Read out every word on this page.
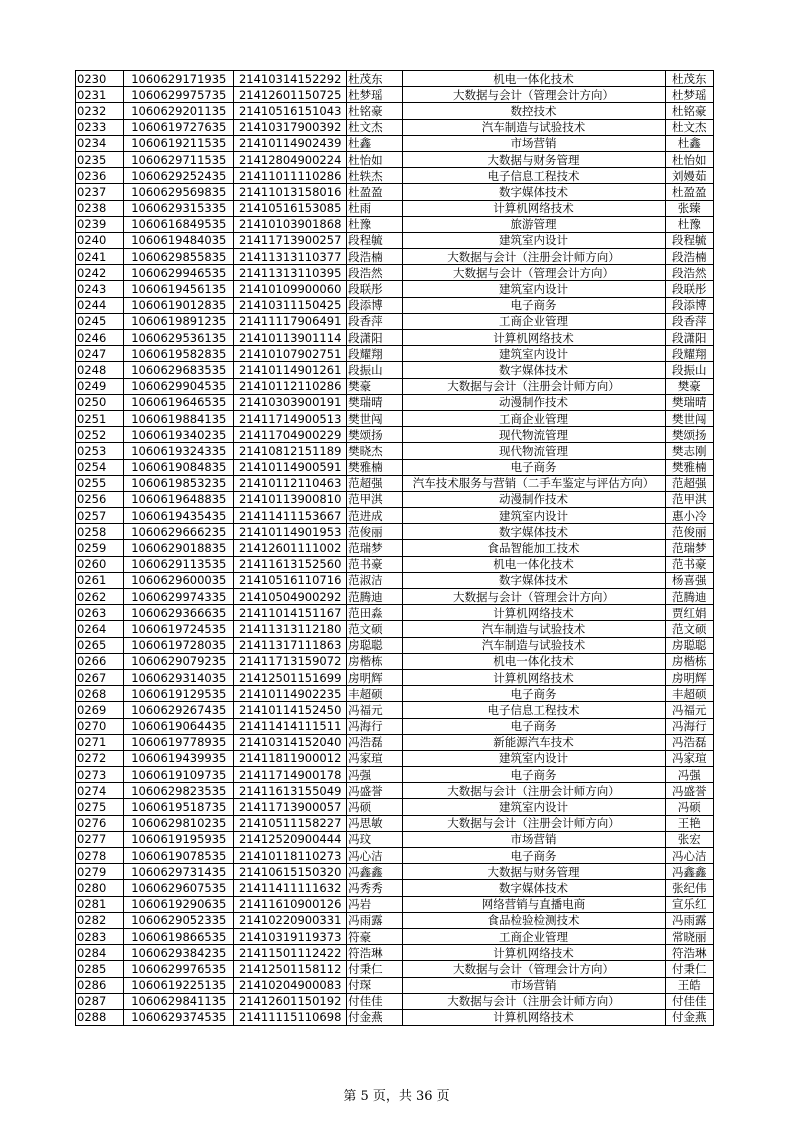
0230	1060629171935	21410314152292	杜茂东	机电一体化技术	杜茂东
0231	1060629975735	21412601150725	杜梦瑶	大数据与会计（管理会计方向）	杜梦瑶
0232	1060629201135	21410516151043	杜铭豪	数控技术	杜铭豪
0233	1060619727635	21410317900392	杜文杰	汽车制造与试验技术	杜文杰
0234	1060619211535	21410114902439	杜鑫	市场营销	杜鑫
0235	1060629711535	21412804900224	杜怡如	大数据与财务管理	杜怡如
0236	1060629252435	21411011110286	杜轶杰	电子信息工程技术	刘嫚茹
0237	1060629569835	21411013158016	杜盈盈	数字媒体技术	杜盈盈
0238	1060629315335	21410516153085	杜雨	计算机网络技术	张臻
0239	1060616849535	21410103901868	杜豫	旅游管理	杜豫
0240	1060619484035	21411713900257	段程毓	建筑室内设计	段程毓
0241	1060629855835	21411313110377	段浩楠	大数据与会计（注册会计师方向）	段浩楠
0242	1060629946535	21411313110395	段浩然	大数据与会计（管理会计方向）	段浩然
0243	1060619456135	21410109900060	段联彤	建筑室内设计	段联彤
0244	1060619012835	21410311150425	段添博	电子商务	段添博
0245	1060619891235	21411117906491	段香萍	工商企业管理	段香萍
0246	1060629536135	21410113901114	段潇阳	计算机网络技术	段潇阳
0247	1060619582835	21410107902751	段耀翔	建筑室内设计	段耀翔
0248	1060629683535	21410114901261	段振山	数字媒体技术	段振山
0249	1060629904535	21410112110286	樊豪	大数据与会计（注册会计师方向）	樊豪
0250	1060619646535	21410303900191	樊瑞晴	动漫制作技术	樊瑞晴
0251	1060619884135	21411714900513	樊世闯	工商企业管理	樊世闯
0252	1060619340235	21411704900229	樊颂扬	现代物流管理	樊颂扬
0253	1060619324335	21410812151189	樊晓杰	现代物流管理	樊志刚
0254	1060619084835	21410114900591	樊雅楠	电子商务	樊雅楠
0255	1060619853235	21410112110463	范超强	汽车技术服务与营销（二手车鉴定与评估方向）	范超强
0256	1060619648835	21410113900810	范甲淇	动漫制作技术	范甲淇
0257	1060619435435	21411411153667	范进成	建筑室内设计	惠小冷
0258	1060629666235	21410114901953	范俊丽	数字媒体技术	范俊丽
0259	1060629018835	21412601111002	范瑞梦	食品智能加工技术	范瑞梦
0260	1060629113535	21411613152560	范书豪	机电一体化技术	范书豪
0261	1060629600035	21410516110716	范淑洁	数字媒体技术	杨喜强
0262	1060629974335	21410504900292	范腾迪	大数据与会计（管理会计方向）	范腾迪
0263	1060629366635	21411014151167	范田淼	计算机网络技术	贾红娟
0264	1060619724535	21411313112180	范文硕	汽车制造与试验技术	范文硕
0265	1060619728035	21411317111863	房聪聪	汽车制造与试验技术	房聪聪
0266	1060629079235	21411713159072	房楷栋	机电一体化技术	房楷栋
0267	1060629314035	21412501151699	房明辉	计算机网络技术	房明辉
0268	1060619129535	21410114902235	丰超硕	电子商务	丰超硕
0269	1060629267435	21410114152450	冯福元	电子信息工程技术	冯福元
0270	1060619064435	21411414111511	冯海行	电子商务	冯海行
0271	1060619778935	21410314152040	冯浩磊	新能源汽车技术	冯浩磊
0272	1060619439935	21411811900012	冯家瑄	建筑室内设计	冯家瑄
0273	1060619109735	21411714900178	冯强	电子商务	冯强
0274	1060629823535	21411613155049	冯盛誉	大数据与会计（注册会计师方向）	冯盛誉
0275	1060619518735	21411713900057	冯硕	建筑室内设计	冯硕
0276	1060629810235	21410511158227	冯思敏	大数据与会计（注册会计师方向）	王艳
0277	1060619195935	21412520900444	冯玟	市场营销	张宏
0278	1060619078535	21410118110273	冯心洁	电子商务	冯心洁
0279	1060629731435	21410615150320	冯鑫鑫	大数据与财务管理	冯鑫鑫
0280	1060629607535	21411411111632	冯秀秀	数字媒体技术	张纪伟
0281	1060619290635	21411610900126	冯岩	网络营销与直播电商	宣乐红
0282	1060629052335	21410220900331	冯雨露	食品检验检测技术	冯雨露
0283	1060619866535	21410319119373	符豪	工商企业管理	常晓丽
0284	1060629384235	21411501112422	符浩琳	计算机网络技术	符浩琳
0285	1060629976535	21412501158112	付秉仁	大数据与会计（管理会计方向）	付秉仁
0286	1060619225135	21410204900083	付琛	市场营销	王皓
0287	1060629841135	21412601150192	付佳佳	大数据与会计（注册会计师方向）	付佳佳
0288	1060629374535	21411115110698	付金燕	计算机网络技术	付金燕
第 5 页，共 36 页
